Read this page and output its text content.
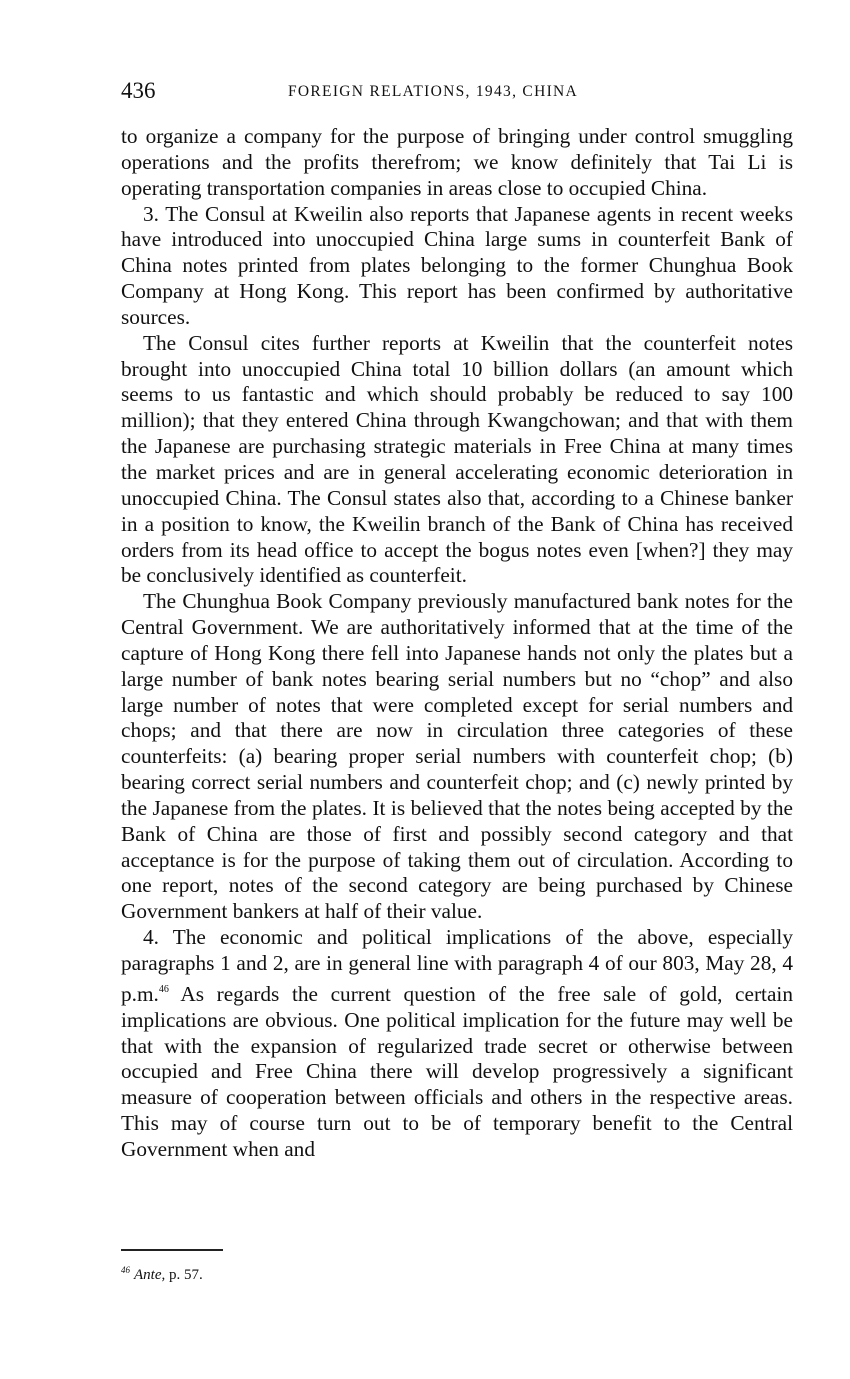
436	FOREIGN RELATIONS, 1943, CHINA

to organize a company for the purpose of bringing under control smuggling operations and the profits therefrom; we know definitely that Tai Li is operating transportation companies in areas close to occupied China.

3. The Consul at Kweilin also reports that Japanese agents in recent weeks have introduced into unoccupied China large sums in counterfeit Bank of China notes printed from plates belonging to the former Chunghua Book Company at Hong Kong. This report has been confirmed by authoritative sources.

The Consul cites further reports at Kweilin that the counterfeit notes brought into unoccupied China total 10 billion dollars (an amount which seems to us fantastic and which should probably be reduced to say 100 million); that they entered China through Kwangchowan; and that with them the Japanese are purchasing strategic materials in Free China at many times the market prices and are in general accelerating economic deterioration in unoccupied China. The Consul states also that, according to a Chinese banker in a position to know, the Kweilin branch of the Bank of China has received orders from its head office to accept the bogus notes even [when?] they may be conclusively identified as counterfeit.

The Chunghua Book Company previously manufactured bank notes for the Central Government. We are authoritatively informed that at the time of the capture of Hong Kong there fell into Japanese hands not only the plates but a large number of bank notes bearing serial numbers but no “chop” and also large number of notes that were completed except for serial numbers and chops; and that there are now in circulation three categories of these counterfeits: (a) bearing proper serial numbers with counterfeit chop; (b) bearing correct serial numbers and counterfeit chop; and (c) newly printed by the Japanese from the plates. It is believed that the notes being accepted by the Bank of China are those of first and possibly second category and that acceptance is for the purpose of taking them out of circulation. According to one report, notes of the second category are being purchased by Chinese Government bankers at half of their value.

4. The economic and political implications of the above, especially paragraphs 1 and 2, are in general line with paragraph 4 of our 803, May 28, 4 p.m.$^{46}$ As regards the current question of the free sale of gold, certain implications are obvious. One political implication for the future may well be that with the expansion of regularized trade secret or otherwise between occupied and Free China there will develop progressively a significant measure of cooperation between officials and others in the respective areas. This may of course turn out to be of temporary benefit to the Central Government when and

$^{46}$ Ante, p. 57.
